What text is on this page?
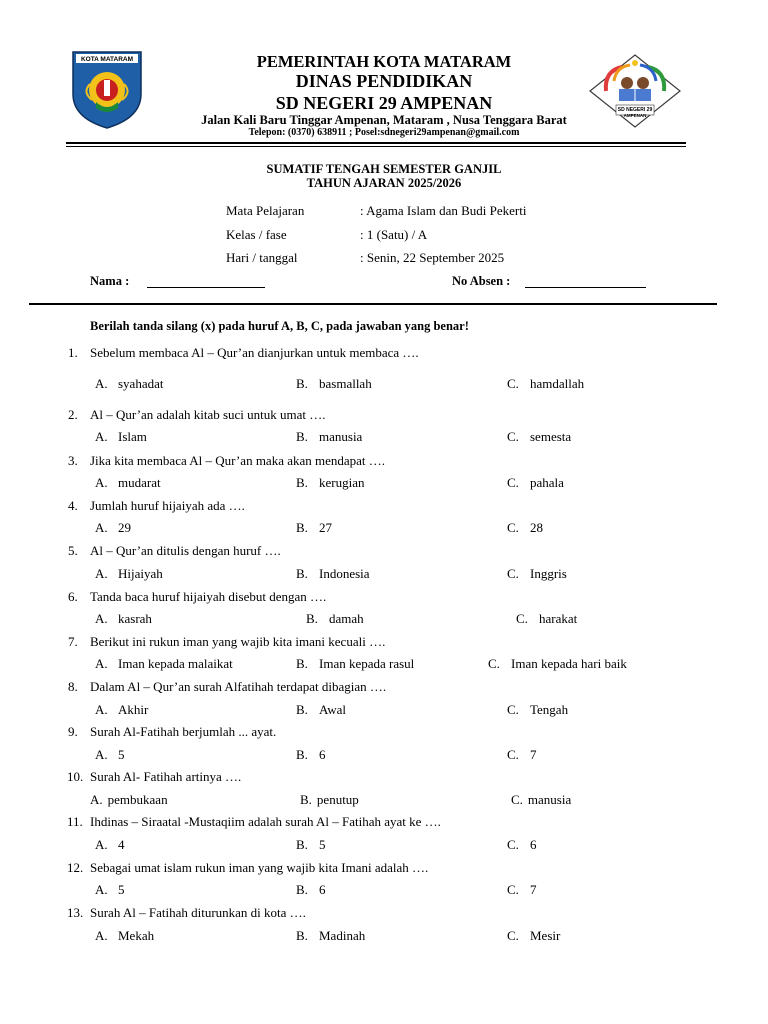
KOTA MATARAM
SD NEGERI 29
AMPENAN
PEMERINTAH KOTA MATARAM
DINAS PENDIDIKAN
SD NEGERI 29 AMPENAN
Jalan Kali Baru Tinggar Ampenan, Mataram , Nusa Tenggara Barat
Telepon: (0370) 638911 ; Posel:sdnegeri29ampenan@gmail.com
SUMATIF TENGAH SEMESTER GANJIL
TAHUN AJARAN 2025/2026
Mata Pelajaran	: Agama Islam dan Budi Pekerti
Kelas / fase	: 1 (Satu) / A
Hari / tanggal	: Senin, 22 September 2025
Nama :	No Absen :
Berilah tanda silang (x) pada huruf A, B, C, pada jawaban yang benar!
1. Sebelum membaca Al – Qur’an dianjurkan untuk membaca ….
A. syahadat	B. basmallah	C. hamdallah
2. Al – Qur’an adalah kitab suci untuk umat ….
A. Islam	B. manusia	C. semesta
3. Jika kita membaca Al – Qur’an maka akan mendapat ….
A. mudarat	B. kerugian	C. pahala
4. Jumlah huruf hijaiyah ada ….
A. 29	B. 27	C. 28
5. Al – Qur’an ditulis dengan huruf ….
A. Hijaiyah	B. Indonesia	C. Inggris
6. Tanda baca huruf hijaiyah disebut dengan ….
A. kasrah	B. damah	C. harakat
7. Berikut ini rukun iman yang wajib kita imani kecuali ….
A. Iman kepada malaikat	B. Iman kepada rasul	C. Iman kepada hari baik
8. Dalam Al – Qur’an surah Alfatihah terdapat dibagian ….
A. Akhir	B. Awal	C. Tengah
9. Surah Al-Fatihah berjumlah ... ayat.
A. 5	B. 6	C. 7
10. Surah Al- Fatihah artinya ….
A. pembukaan	B. penutup	C. manusia
11. Ihdinas – Siraatal -Mustaqiim adalah surah Al – Fatihah ayat ke ….
A. 4	B. 5	C. 6
12. Sebagai umat islam rukun iman yang wajib kita Imani adalah ….
A. 5	B. 6	C. 7
13. Surah Al – Fatihah diturunkan di kota ….
A. Mekah	B. Madinah	C. Mesir
